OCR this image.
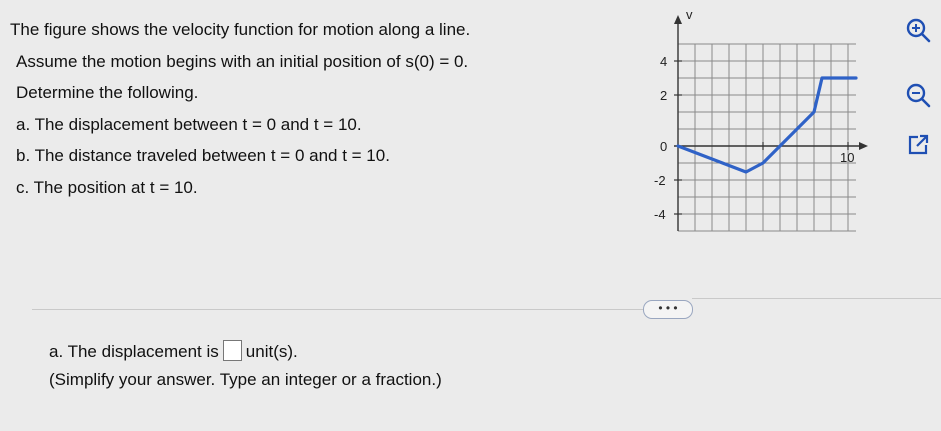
The figure shows the velocity function for motion along a line.
Assume the motion begins with an initial position of s(0) = 0.
Determine the following.
a. The displacement between t = 0 and t = 10.
b. The distance traveled between t = 0 and t = 10.
c. The position at t = 10.
v
4
2
0
-2
-4
10
• • •
a. The displacement is unit(s).
(Simplify your answer. Type an integer or a fraction.)
